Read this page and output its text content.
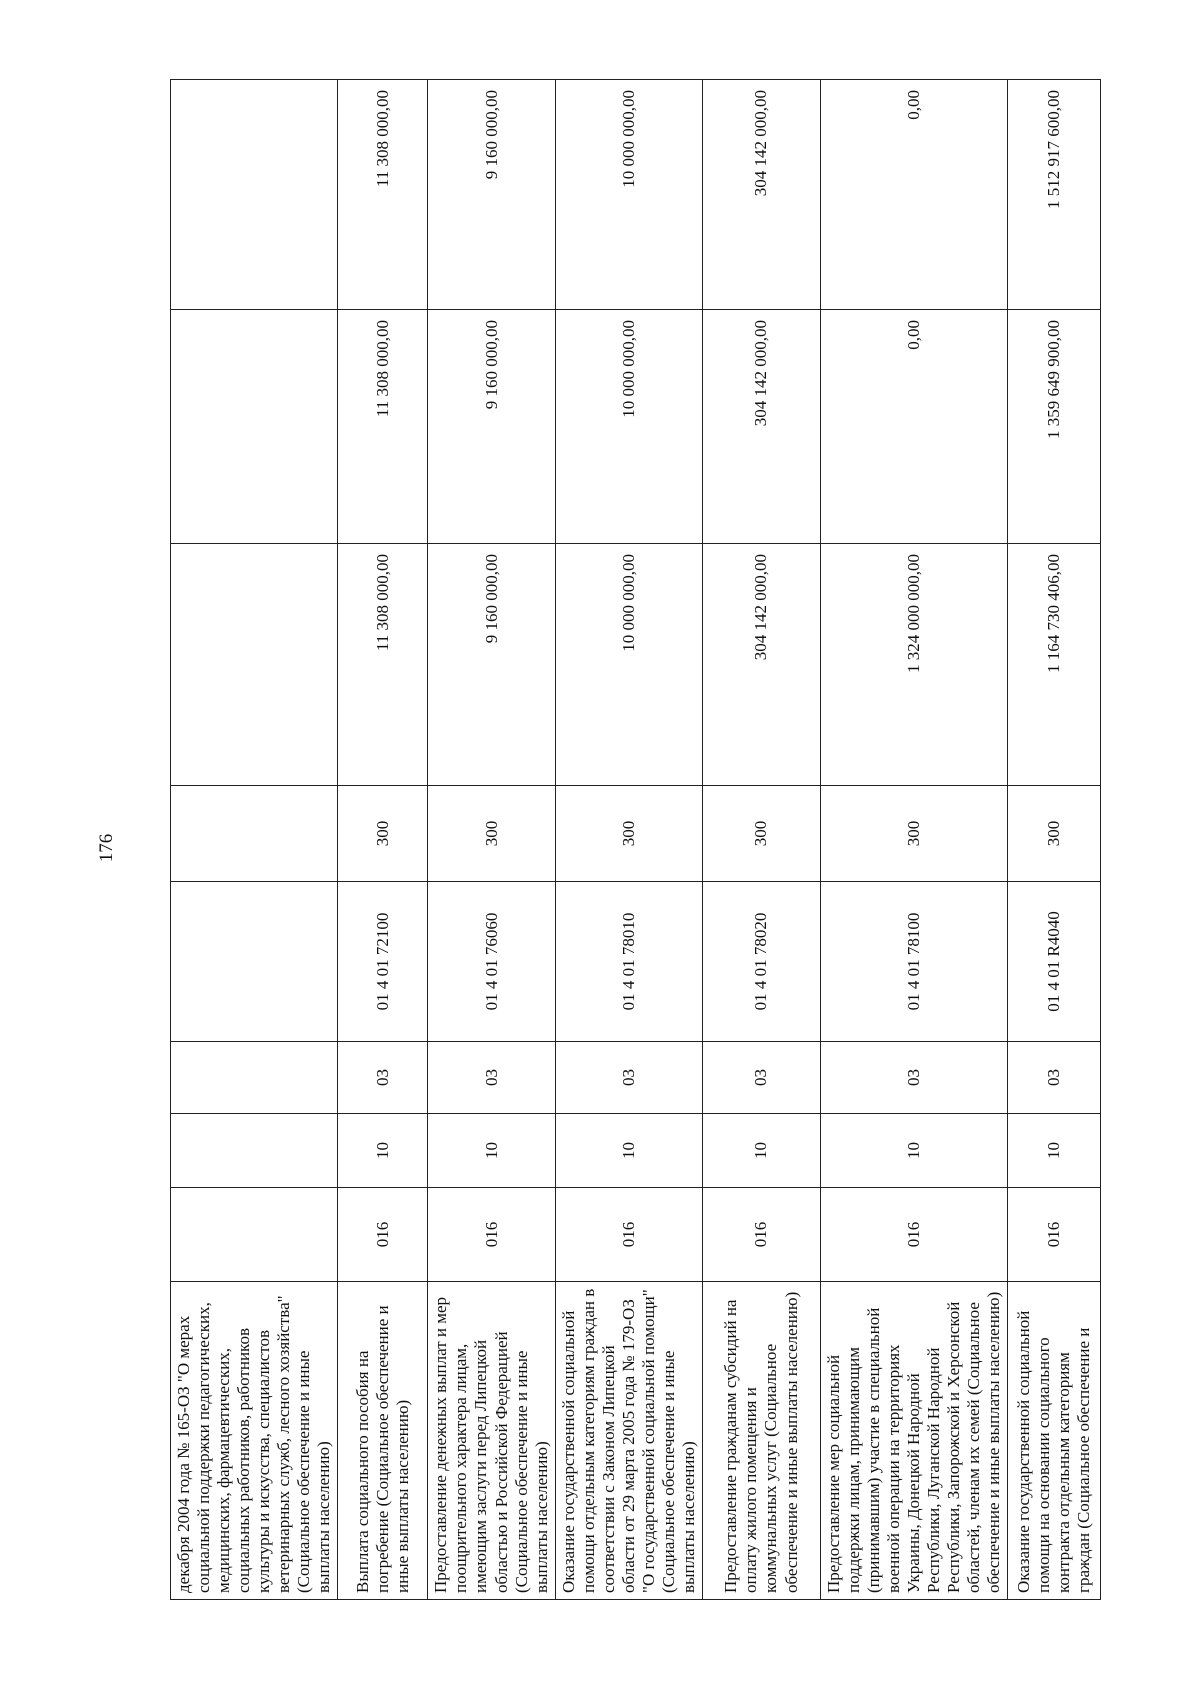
176
декабря 2004 года № 165-ОЗ "О мерах социальной поддержки педагогических, медицинских, фармацевтических, социальных работников, работников культуры и искусства, специалистов ветеринарных служб, лесного хозяйства" (Социальное обеспечение и иные выплаты населению)								
Выплата социального пособия на погребение (Социальное обеспечение и иные выплаты населению)	016	10	03	01 4 01 72100	300	11 308 000,00	11 308 000,00	11 308 000,00
Предоставление денежных выплат и мер поощрительного характера лицам, имеющим заслуги перед Липецкой областью и Российской Федерацией (Социальное обеспечение и иные выплаты населению)	016	10	03	01 4 01 76060	300	9 160 000,00	9 160 000,00	9 160 000,00
Оказание государственной социальной помощи отдельным категориям граждан в соответствии с Законом Липецкой области от 29 марта 2005 года № 179-ОЗ "О государственной социальной помощи" (Социальное обеспечение и иные выплаты населению)	016	10	03	01 4 01 78010	300	10 000 000,00	10 000 000,00	10 000 000,00
Предоставление гражданам субсидий на оплату жилого помещения и коммунальных услуг (Социальное обеспечение и иные выплаты населению)	016	10	03	01 4 01 78020	300	304 142 000,00	304 142 000,00	304 142 000,00
Предоставление мер социальной поддержки лицам, принимающим (принимавшим) участие в специальной военной операции на территориях Украины, Донецкой Народной Республики, Луганской Народной Республики, Запорожской и Херсонской областей, членам их семей (Социальное обеспечение и иные выплаты населению)	016	10	03	01 4 01 78100	300	1 324 000 000,00	0,00	0,00
Оказание государственной социальной помощи на основании социального контракта отдельным категориям граждан (Социальное обеспечение и	016	10	03	01 4 01 R4040	300	1 164 730 406,00	1 359 649 900,00	1 512 917 600,00
